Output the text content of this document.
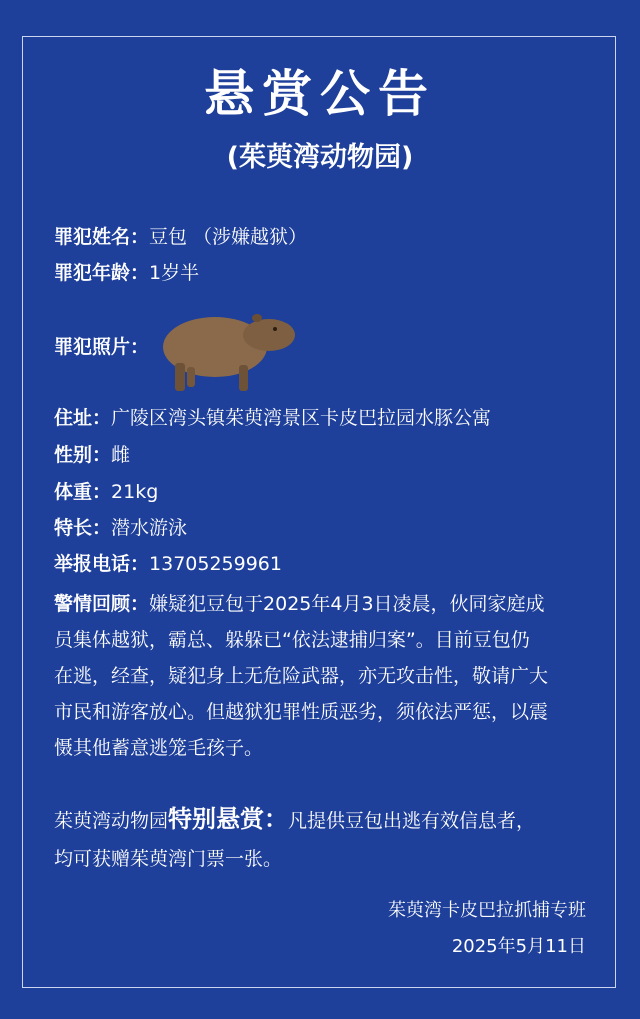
悬赏公告
(茱萸湾动物园)
罪犯姓名：豆包 （涉嫌越狱）
罪犯年龄：1岁半
罪犯照片：
住址：广陵区湾头镇茱萸湾景区卡皮巴拉园水豚公寓
性别：雌
体重：21kg
特长：潜水游泳
举报电话：13705259961
警情回顾：嫌疑犯豆包于2025年4月3日凌晨，伙同家庭成
员集体越狱，霸总、躲躲已“依法逮捕归案”。目前豆包仍
在逃，经查，疑犯身上无危险武器，亦无攻击性，敬请广大
市民和游客放心。但越狱犯罪性质恶劣，须依法严惩，以震
慑其他蓄意逃笼毛孩子。
茱萸湾动物园特别悬赏：凡提供豆包出逃有效信息者，
均可获赠茱萸湾门票一张。
茱萸湾卡皮巴拉抓捕专班
2025年5月11日
